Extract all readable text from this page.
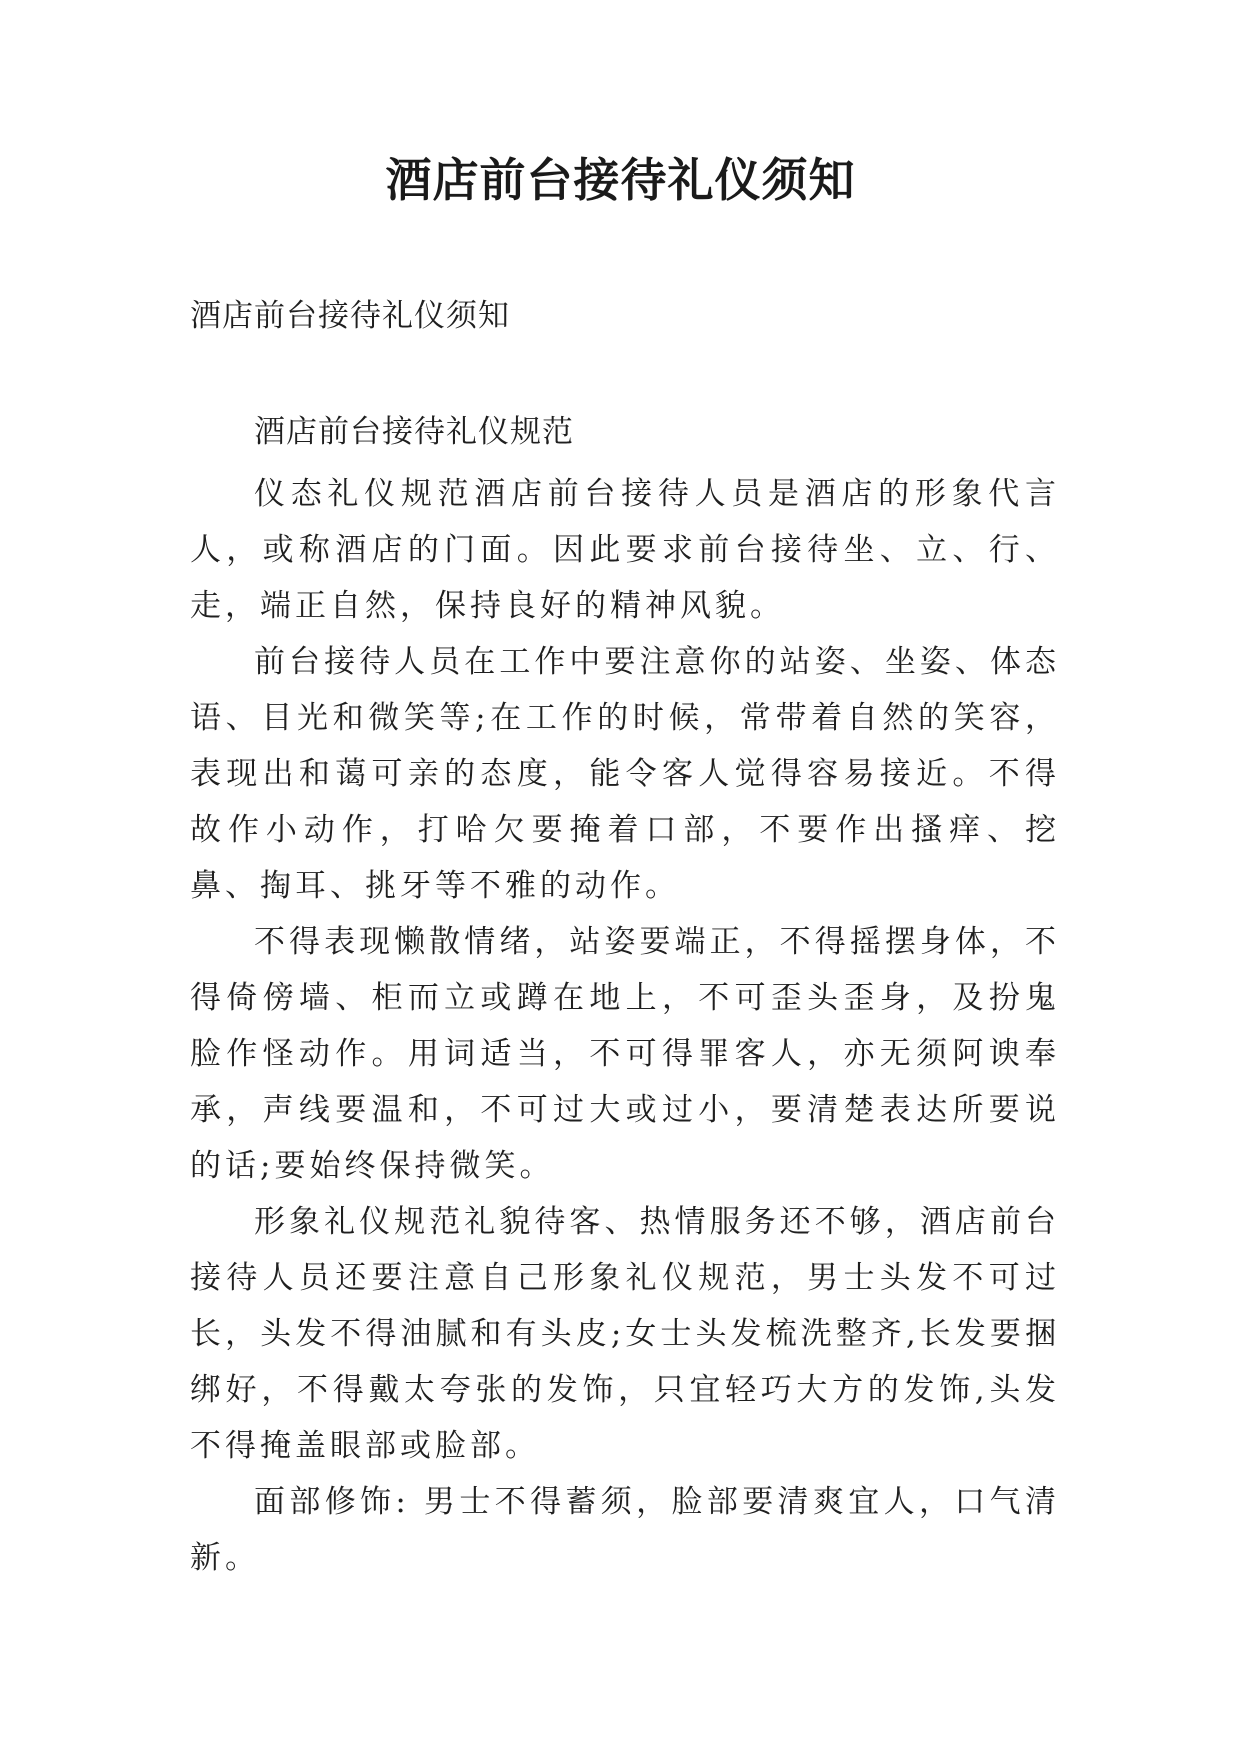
酒店前台接待礼仪须知
酒店前台接待礼仪须知
酒店前台接待礼仪规范

仪态礼仪规范酒店前台接待人员是酒店的形象代言人，或称酒店的门面。因此要求前台接待坐、立、行、走，端正自然，保持良好的精神风貌。

前台接待人员在工作中要注意你的站姿、坐姿、体态语、目光和微笑等;在工作的时候，常带着自然的笑容，表现出和蔼可亲的态度，能令客人觉得容易接近。不得故作小动作，打哈欠要掩着口部，不要作出搔痒、挖鼻、掏耳、挑牙等不雅的动作。

不得表现懒散情绪，站姿要端正，不得摇摆身体，不得倚傍墙、柜而立或蹲在地上，不可歪头歪身，及扮鬼脸作怪动作。用词适当，不可得罪客人，亦无须阿谀奉承，声线要温和，不可过大或过小，要清楚表达所要说的话;要始终保持微笑。

形象礼仪规范礼貌待客、热情服务还不够，酒店前台接待人员还要注意自己形象礼仪规范，男士头发不可过长，头发不得油腻和有头皮;女士头发梳洗整齐,长发要捆绑好，不得戴太夸张的发饰，只宜轻巧大方的发饰,头发不得掩盖眼部或脸部。

面部修饰: 男士不得蓄须，脸部要清爽宜人，口气清新。
